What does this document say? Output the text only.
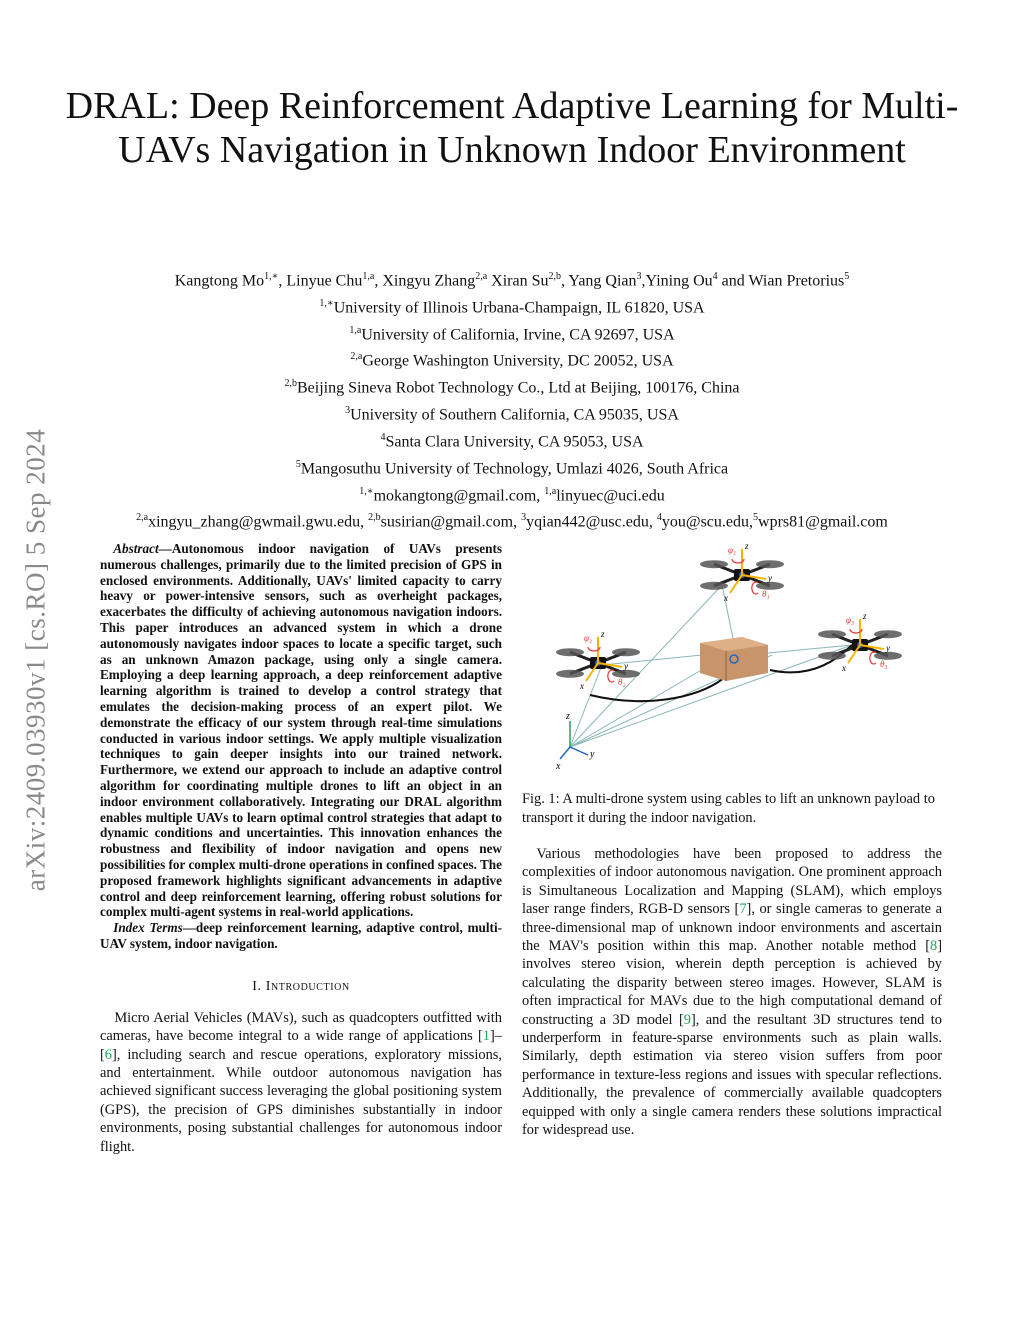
arXiv:2409.03930v1 [cs.RO] 5 Sep 2024
DRAL: Deep Reinforcement Adaptive Learning for Multi-UAVs Navigation in Unknown Indoor Environment
Kangtong $Mo^{1,∗}$, Linyue Chu$^{1,a}$, Xingyu Zhang$^{2,a}$ Xiran Su$^{2,b}$, Yang Qian$^3$,Yining Ou$^4$ and Wian Pretorius$^5$
$^{1,∗}$University of Illinois Urbana-Champaign, IL 61820, USA
$^{1,a}$University of California, Irvine, CA 92697, USA
$^{2,a}$George Washington University, DC 20052, USA
$^{2,b}$Beijing Sineva Robot Technology Co., Ltd at Beijing, 100176, China
$^3$University of Southern California, CA 95035, USA
$^4$Santa Clara University, CA 95053, USA
$^5$Mangosuthu University of Technology, Umlazi 4026, South Africa
$^{1,∗}$mokangtong@gmail.com, $^{1,a}$linyuec@uci.edu
$^{2,a}$xingyu_zhang@gwmail.gwu.edu, $^{2,b}$susirian@gmail.com, $^3$yqian442@usc.edu, $^4$you@scu.edu,$^5$wprs81@gmail.com

Abstract—Autonomous indoor navigation of UAVs presents numerous challenges, primarily due to the limited precision of GPS in enclosed environments. Additionally, UAVs' limited capacity to carry heavy or power-intensive sensors, such as overheight packages, exacerbates the difficulty of achieving autonomous navigation indoors. This paper introduces an advanced system in which a drone autonomously navigates indoor spaces to locate a specific target, such as an unknown Amazon package, using only a single camera. Employing a deep learning approach, a deep reinforcement adaptive learning algorithm is trained to develop a control strategy that emulates the decision-making process of an expert pilot. We demonstrate the efficacy of our system through real-time simulations conducted in various indoor settings. We apply multiple visualization techniques to gain deeper insights into our trained network. Furthermore, we extend our approach to include an adaptive control algorithm for coordinating multiple drones to lift an object in an indoor environment collaboratively. Integrating our DRAL algorithm enables multiple UAVs to learn optimal control strategies that adapt to dynamic conditions and uncertainties. This innovation enhances the robustness and flexibility of indoor navigation and opens new possibilities for complex multi-drone operations in confined spaces. The proposed framework highlights significant advancements in adaptive control and deep reinforcement learning, offering robust solutions for complex multi-agent systems in real-world applications.

Index Terms—deep reinforcement learning, adaptive control, multi-UAV system, indoor navigation.

I. Introduction

Micro Aerial Vehicles (MAVs), such as quadcopters outfitted with cameras, have become integral to a wide range of applications [1]–[6], including search and rescue operations, exploratory missions, and entertainment. While outdoor autonomous navigation has achieved significant success leveraging the global positioning system (GPS), the precision of GPS diminishes substantially in indoor environments, posing substantial challenges for autonomous indoor flight.

φ₁
θ₁
z
y
x
φ₂
θ₂
z
y
x
φ₃
θ₃
z
y
x
z
y
x
Fig. 1: A multi-drone system using cables to lift an unknown payload to transport it during the indoor navigation.

Various methodologies have been proposed to address the complexities of indoor autonomous navigation. One prominent approach is Simultaneous Localization and Mapping (SLAM), which employs laser range finders, RGB-D sensors [7], or single cameras to generate a three-dimensional map of unknown indoor environments and ascertain the MAV's position within this map. Another notable method [8] involves stereo vision, wherein depth perception is achieved by calculating the disparity between stereo images. However, SLAM is often impractical for MAVs due to the high computational demand of constructing a 3D model [9], and the resultant 3D structures tend to underperform in feature-sparse environments such as plain walls. Similarly, depth estimation via stereo vision suffers from poor performance in texture-less regions and issues with specular reflections. Additionally, the prevalence of commercially available quadcopters equipped with only a single camera renders these solutions impractical for widespread use.
